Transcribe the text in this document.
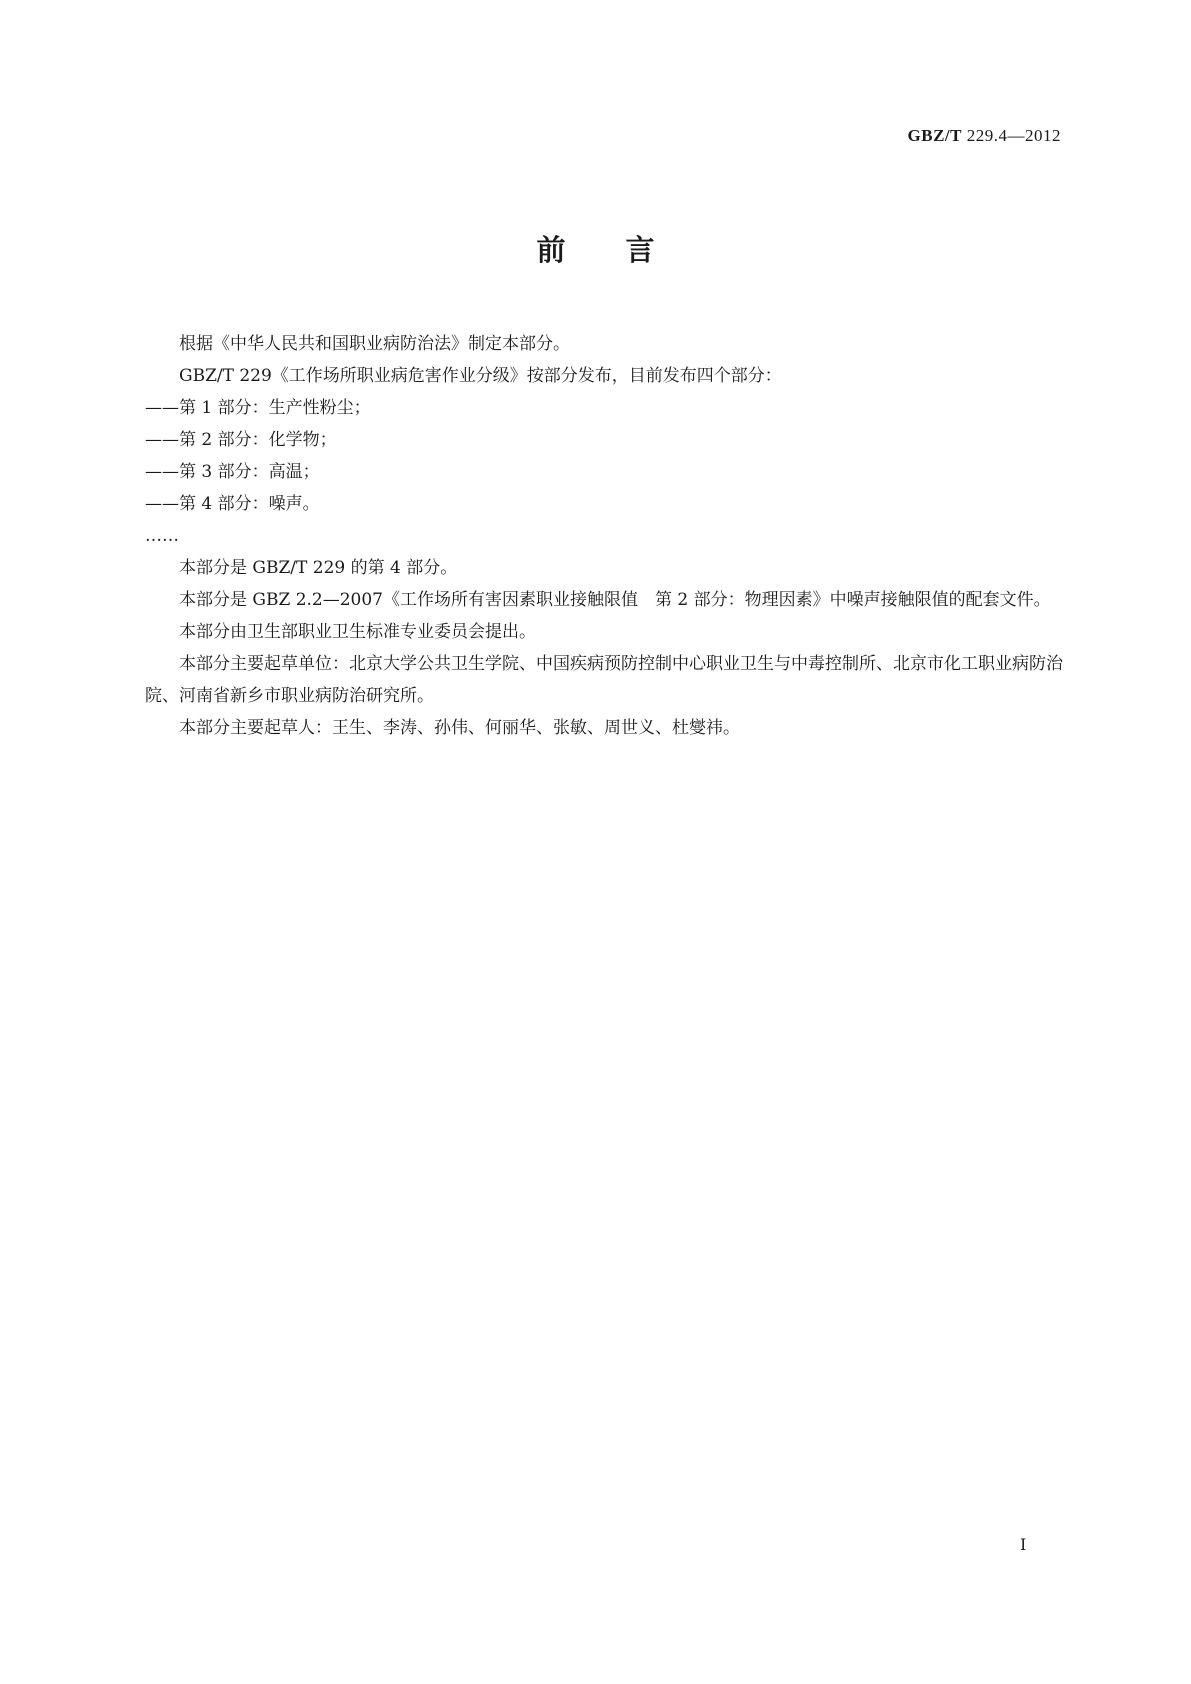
GBZ/T 229.4—2012
前言

根据《中华人民共和国职业病防治法》制定本部分。

GBZ/T 229《工作场所职业病危害作业分级》按部分发布，目前发布四个部分：

——第 1 部分：生产性粉尘；

——第 2 部分：化学物；

——第 3 部分：高温；

——第 4 部分：噪声。

……

本部分是 GBZ/T 229 的第 4 部分。

本部分是 GBZ 2.2—2007《工作场所有害因素职业接触限值　第 2 部分：物理因素》中噪声接触限值的配套文件。

本部分由卫生部职业卫生标准专业委员会提出。

本部分主要起草单位：北京大学公共卫生学院、中国疾病预防控制中心职业卫生与中毒控制所、北京市化工职业病防治院、河南省新乡市职业病防治研究所。

本部分主要起草人：王生、李涛、孙伟、何丽华、张敏、周世义、杜燮祎。

I
